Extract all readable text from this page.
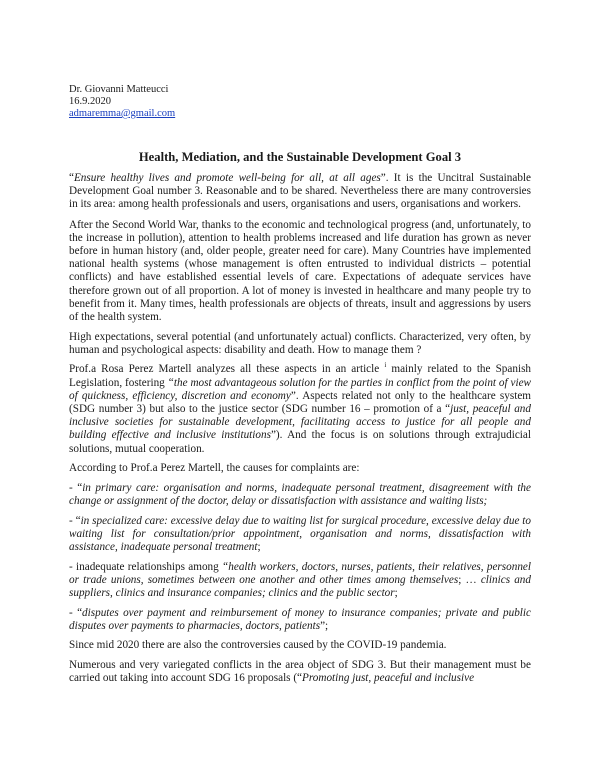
Dr. Giovanni Matteucci
16.9.2020
admaremma@gmail.com
Health, Mediation, and the Sustainable Development Goal 3

“Ensure healthy lives and promote well-being for all, at all ages”. It is the Uncitral Sustainable Development Goal number 3. Reasonable and to be shared. Nevertheless there are many controversies in its area: among health professionals and users, organisations and users, organisations and workers.

After the Second World War, thanks to the economic and technological progress (and, unfortunately, to the increase in pollution), attention to health problems increased and life duration has grown as never before in human history (and, older people, greater need for care). Many Countries have implemented national health systems (whose management is often entrusted to individual districts – potential conflicts) and have established essential levels of care. Expectations of adequate services have therefore grown out of all proportion. A lot of money is invested in healthcare and many people try to benefit from it. Many times, health professionals are objects of threats, insult and aggressions by users of the health system.

High expectations, several potential (and unfortunately actual) conflicts. Characterized, very often, by human and psychological aspects: disability and death. How to manage them ?

Prof.a Rosa Perez Martell analyzes all these aspects in an article $^i$ mainly related to the Spanish Legislation, fostering “the most advantageous solution for the parties in conflict from the point of view of quickness, efficiency, discretion and economy”. Aspects related not only to the healthcare system (SDG number 3) but also to the justice sector (SDG number 16 – promotion of a “just, peaceful and inclusive societies for sustainable development, facilitating access to justice for all people and building effective and inclusive institutions”). And the focus is on solutions through extrajudicial solutions, mutual cooperation.

According to Prof.a Perez Martell, the causes for complaints are:

- “in primary care: organisation and norms, inadequate personal treatment, disagreement with the change or assignment of the doctor, delay or dissatisfaction with assistance and waiting lists;

- “in specialized care: excessive delay due to waiting list for surgical procedure, excessive delay due to waiting list for consultation/prior appointment, organisation and norms, dissatisfaction with assistance, inadequate personal treatment;

- inadequate relationships among “health workers, doctors, nurses, patients, their relatives, personnel or trade unions, sometimes between one another and other times among themselves; … clinics and suppliers, clinics and insurance companies; clinics and the public sector;

- “disputes over payment and reimbursement of money to insurance companies; private and public disputes over payments to pharmacies, doctors, patients”;

Since mid 2020 there are also the controversies caused by the COVID-19 pandemia.

Numerous and very variegated conflicts in the area object of SDG 3. But their management must be carried out taking into account SDG 16 proposals (“Promoting just, peaceful and inclusive
